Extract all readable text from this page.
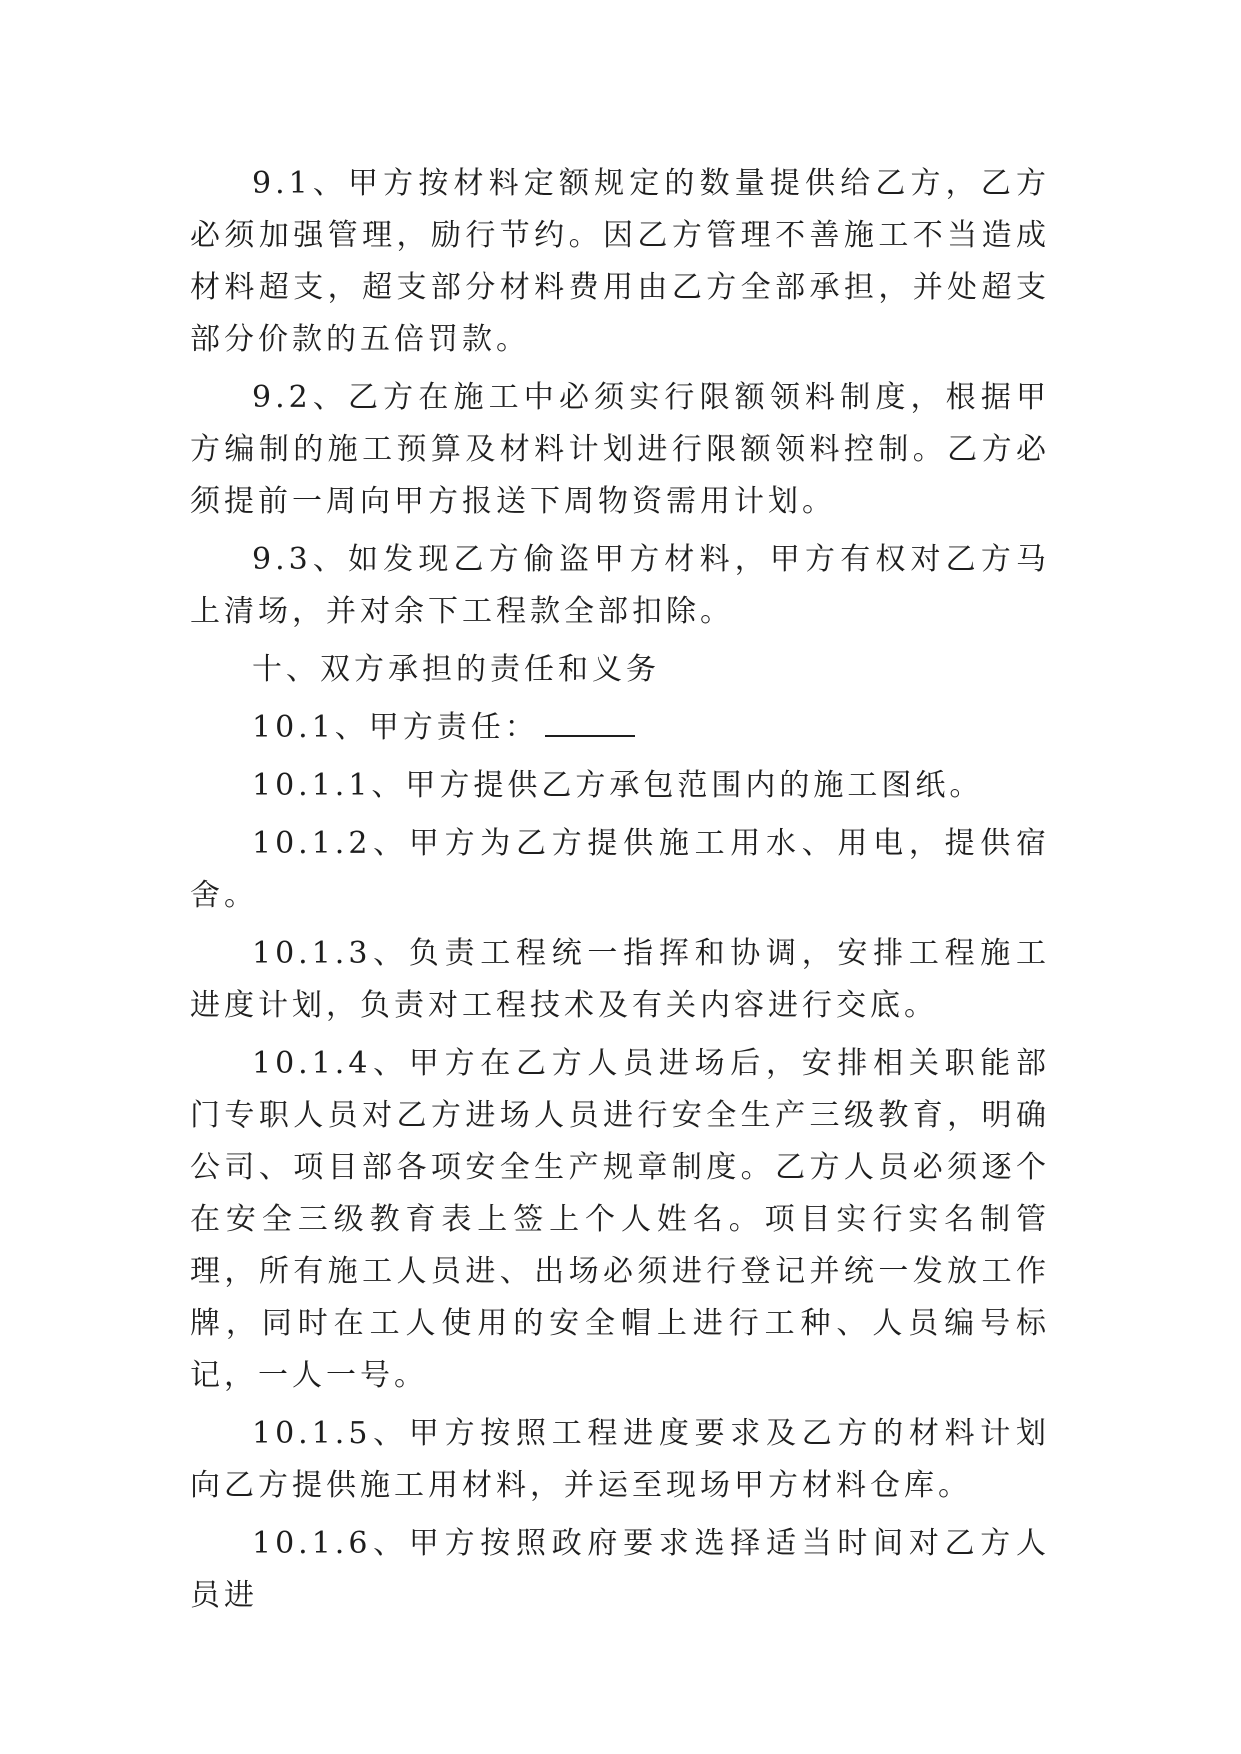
9.1、甲方按材料定额规定的数量提供给乙方，乙方必须加强管理，励行节约。因乙方管理不善施工不当造成材料超支，超支部分材料费用由乙方全部承担，并处超支部分价款的五倍罚款。

9.2、乙方在施工中必须实行限额领料制度，根据甲方编制的施工预算及材料计划进行限额领料控制。乙方必须提前一周向甲方报送下周物资需用计划。

9.3、如发现乙方偷盗甲方材料，甲方有权对乙方马上清场，并对余下工程款全部扣除。

十、双方承担的责任和义务

10.1、甲方责任：

10.1.1、甲方提供乙方承包范围内的施工图纸。

10.1.2、甲方为乙方提供施工用水、用电，提供宿舍。

10.1.3、负责工程统一指挥和协调，安排工程施工进度计划，负责对工程技术及有关内容进行交底。

10.1.4、甲方在乙方人员进场后，安排相关职能部门专职人员对乙方进场人员进行安全生产三级教育，明确公司、项目部各项安全生产规章制度。乙方人员必须逐个在安全三级教育表上签上个人姓名。项目实行实名制管理，所有施工人员进、出场必须进行登记并统一发放工作牌，同时在工人使用的安全帽上进行工种、人员编号标记，一人一号。

10.1.5、甲方按照工程进度要求及乙方的材料计划向乙方提供施工用材料，并运至现场甲方材料仓库。

10.1.6、甲方按照政府要求选择适当时间对乙方人员进
